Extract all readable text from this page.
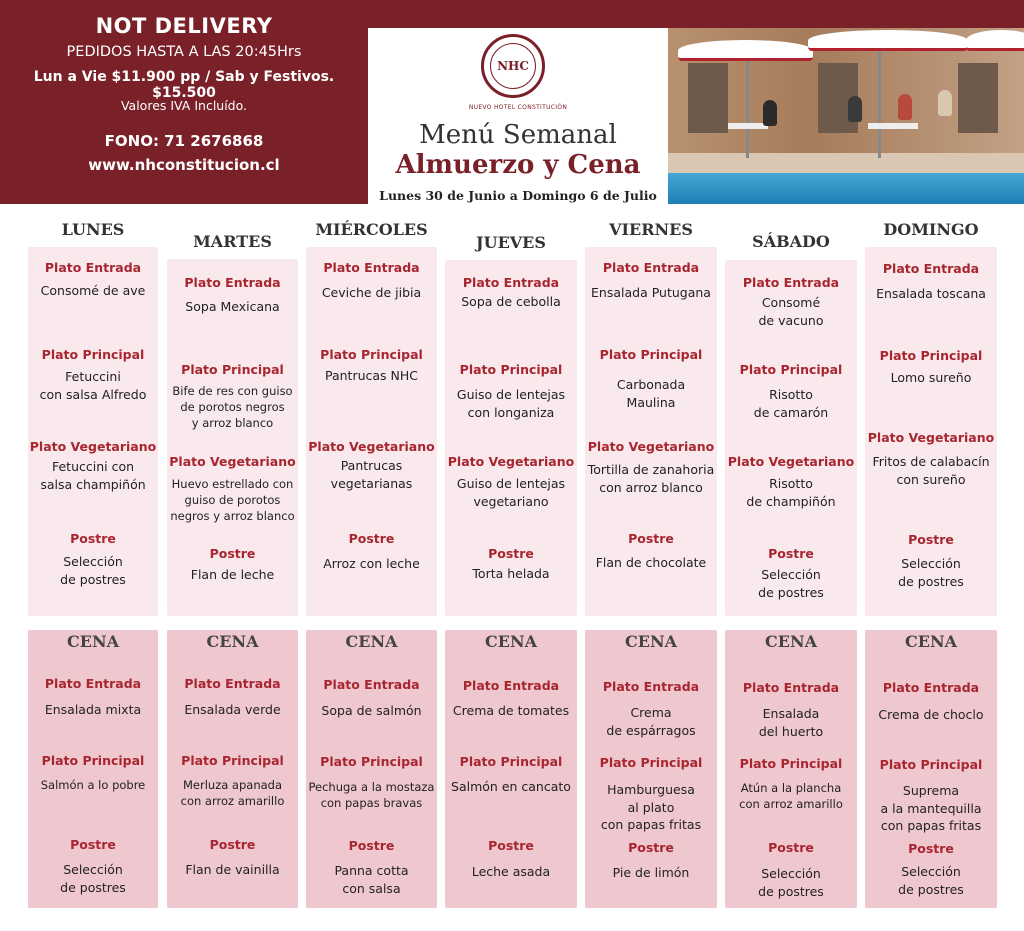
NOT DELIVERY
PEDIDOS HASTA A LAS 20:45Hrs
Lun a Vie $11.900 pp / Sab y Festivos. $15.500
Valores IVA Incluído.
FONO: 71 2676868
www.nhconstitucion.cl
NHC
NUEVO HOTEL CONSTITUCIÓN
Menú Semanal
Almuerzo y Cena
Lunes 30 de Junio a Domingo 6 de Julio
LUNES
Plato Entrada
Consomé de ave
Plato Principal
Fetuccini
con salsa Alfredo
Plato Vegetariano
Fetuccini con
salsa champiñón
Postre
Selección
de postres
CENA
Plato Entrada
Ensalada mixta
Plato Principal
Salmón a lo pobre
Postre
Selección
de postres
MARTES
Plato Entrada
Sopa Mexicana
Plato Principal
Bife de res con guiso
de porotos negros
y arroz blanco
Plato Vegetariano
Huevo estrellado con
guiso de porotos
negros y arroz blanco
Postre
Flan de leche
CENA
Plato Entrada
Ensalada verde
Plato Principal
Merluza apanada
con arroz amarillo
Postre
Flan de vainilla
MIÉRCOLES
Plato Entrada
Ceviche de jibia
Plato Principal
Pantrucas NHC
Plato Vegetariano
Pantrucas
vegetarianas
Postre
Arroz con leche
CENA
Plato Entrada
Sopa de salmón
Plato Principal
Pechuga a la mostaza
con papas bravas
Postre
Panna cotta
con salsa
JUEVES
Plato Entrada
Sopa de cebolla
Plato Principal
Guiso de lentejas
con longaniza
Plato Vegetariano
Guiso de lentejas
vegetariano
Postre
Torta helada
CENA
Plato Entrada
Crema de tomates
Plato Principal
Salmón en cancato
Postre
Leche asada
VIERNES
Plato Entrada
Ensalada Putugana
Plato Principal
Carbonada
Maulina
Plato Vegetariano
Tortilla de zanahoria
con arroz blanco
Postre
Flan de chocolate
CENA
Plato Entrada
Crema
de espárragos
Plato Principal
Hamburguesa
al plato
con papas fritas
Postre
Pie de limón
SÁBADO
Plato Entrada
Consomé
de vacuno
Plato Principal
Risotto
de camarón
Plato Vegetariano
Risotto
de champiñón
Postre
Selección
de postres
CENA
Plato Entrada
Ensalada
del huerto
Plato Principal
Atún a la plancha
con arroz amarillo
Postre
Selección
de postres
DOMINGO
Plato Entrada
Ensalada toscana
Plato Principal
Lomo sureño
Plato Vegetariano
Fritos de calabacín
con sureño
Postre
Selección
de postres
CENA
Plato Entrada
Crema de choclo
Plato Principal
Suprema
a la mantequilla
con papas fritas
Postre
Selección
de postres
